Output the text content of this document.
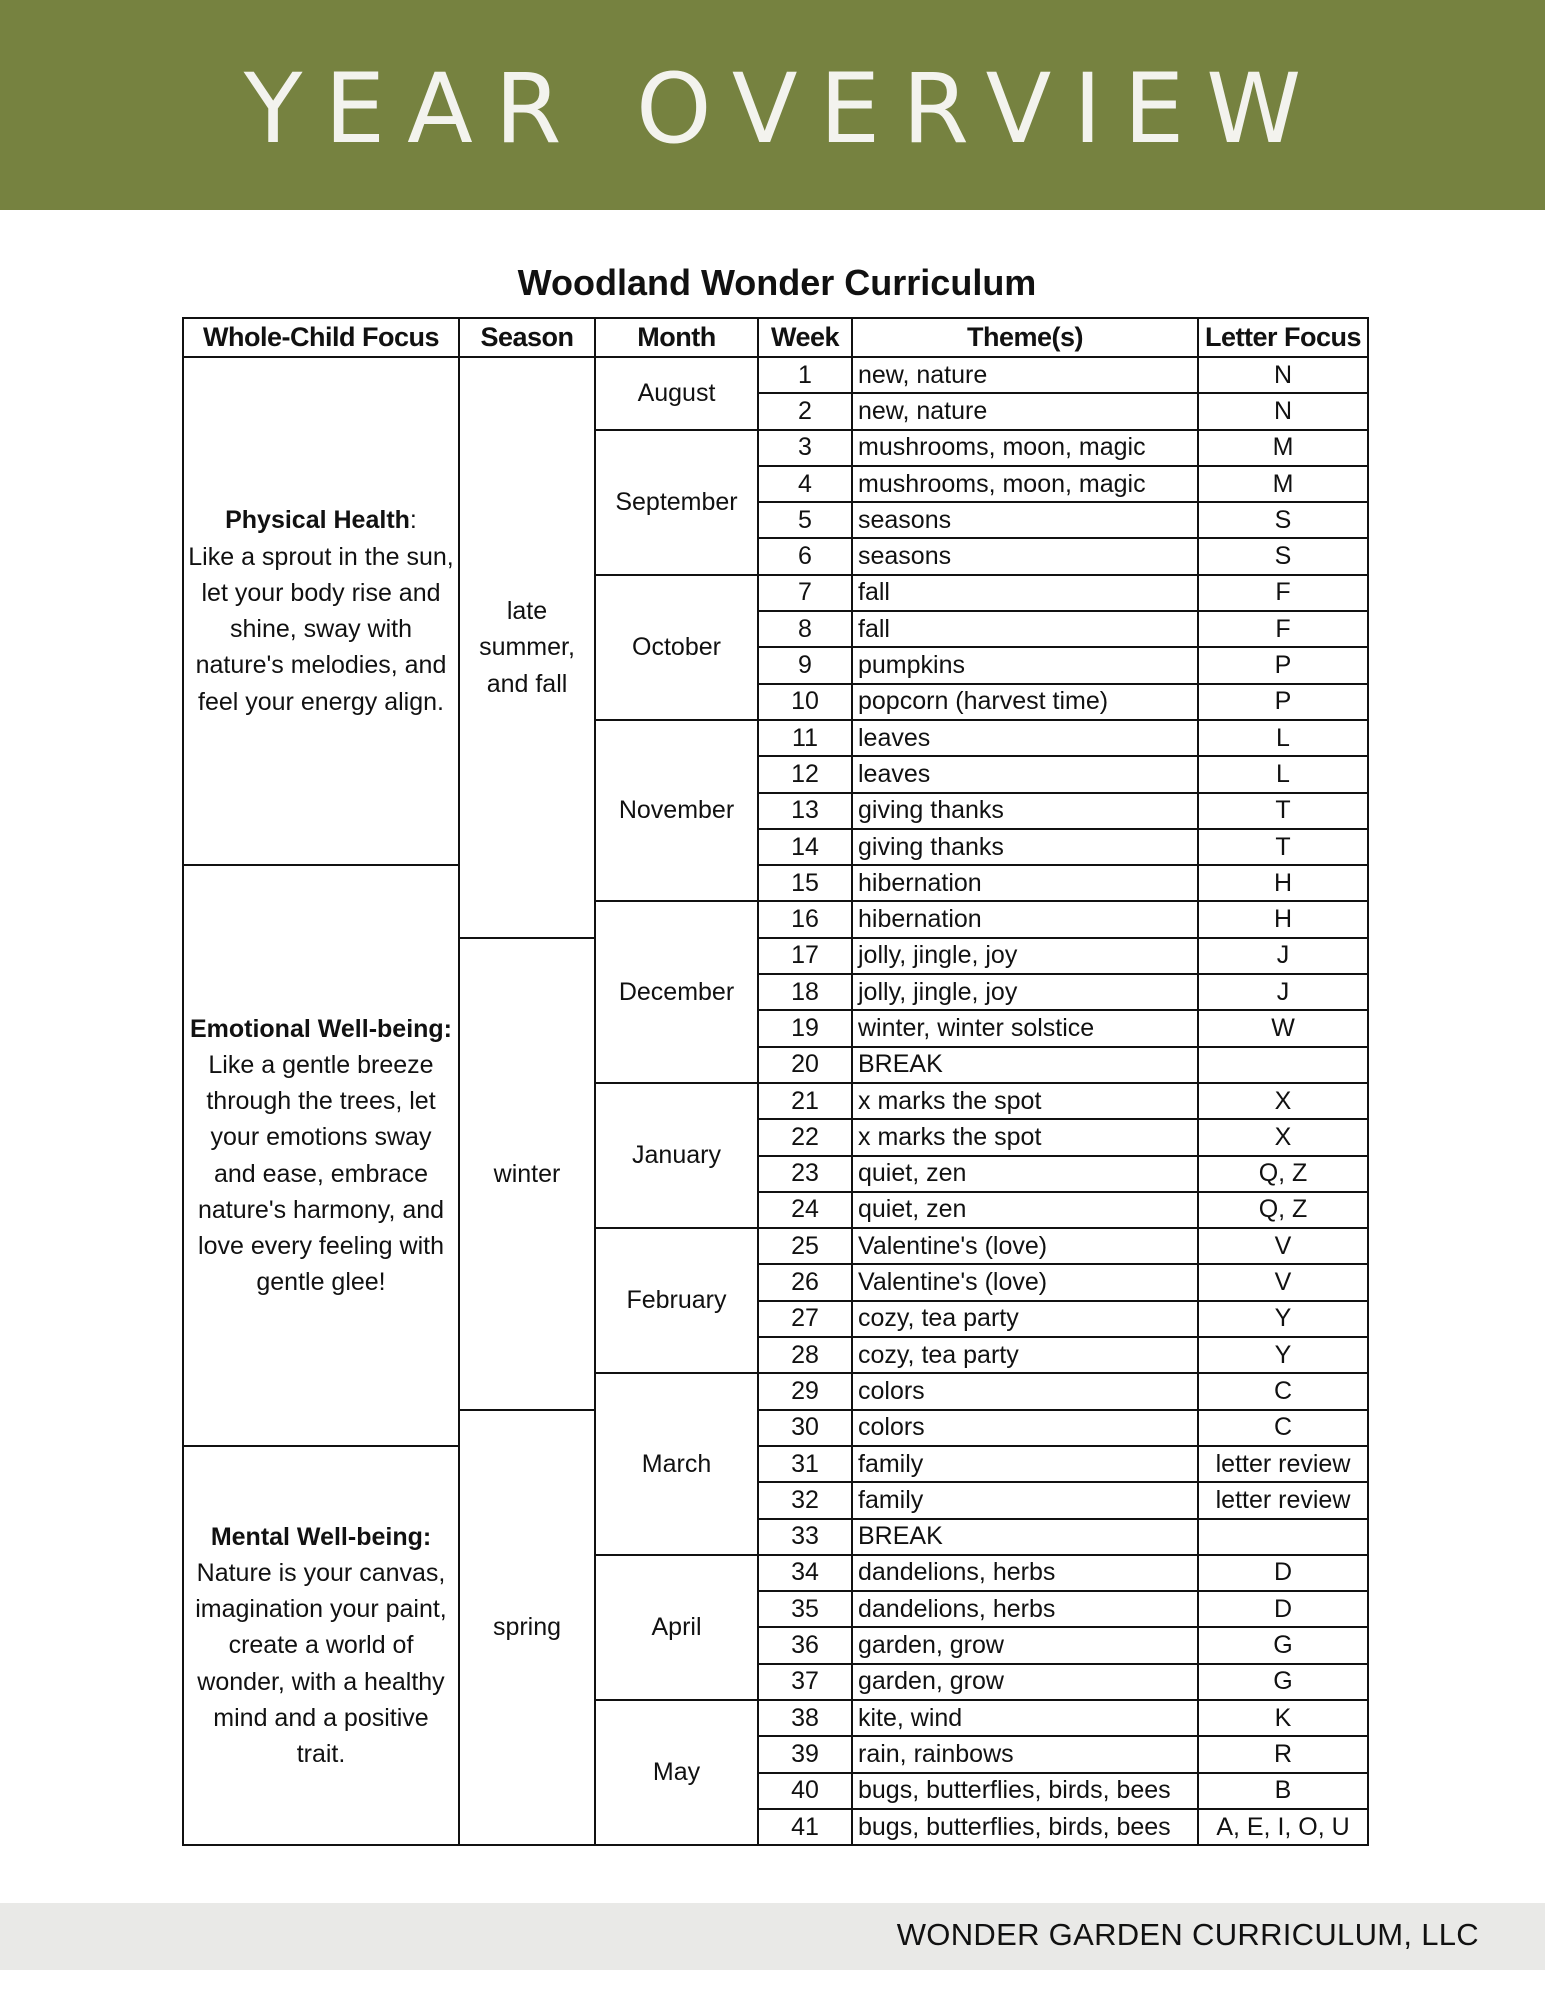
YEAR OVERVIEW
Woodland Wonder Curriculum
Whole-Child Focus	Season	Month	Week	Theme(s)	Letter Focus
Physical Health:
Like a sprout in the sun, let your body rise and shine, sway with nature's melodies, and feel your energy align.	late summer, and fall	August	1	new, nature	N
			2	new, nature	N
		September	3	mushrooms, moon, magic	M
			4	mushrooms, moon, magic	M
			5	seasons	S
			6	seasons	S
		October	7	fall	F
			8	fall	F
			9	pumpkins	P
			10	popcorn (harvest time)	P
		November	11	leaves	L
			12	leaves	L
			13	giving thanks	T
			14	giving thanks	T
Emotional Well-being:
Like a gentle breeze through the trees, let your emotions sway and ease, embrace nature's harmony, and love every feeling with gentle glee!			15	hibernation	H
		December	16	hibernation	H
	winter		17	jolly, jingle, joy	J
			18	jolly, jingle, joy	J
			19	winter, winter solstice	W
			20	BREAK	
		January	21	x marks the spot	X
			22	x marks the spot	X
			23	quiet, zen	Q, Z
			24	quiet, zen	Q, Z
		February	25	Valentine's (love)	V
			26	Valentine's (love)	V
			27	cozy, tea party	Y
			28	cozy, tea party	Y
		March	29	colors	C
	spring		30	colors	C
Mental Well-being:
Nature is your canvas, imagination your paint, create a world of wonder, with a healthy mind and a positive trait.			31	family	letter review
			32	family	letter review
			33	BREAK	
		April	34	dandelions, herbs	D
			35	dandelions, herbs	D
			36	garden, grow	G
			37	garden, grow	G
		May	38	kite, wind	K
			39	rain, rainbows	R
			40	bugs, butterflies, birds, bees	B
			41	bugs, butterflies, birds, bees	A, E, I, O, U
WONDER GARDEN CURRICULUM, LLC
